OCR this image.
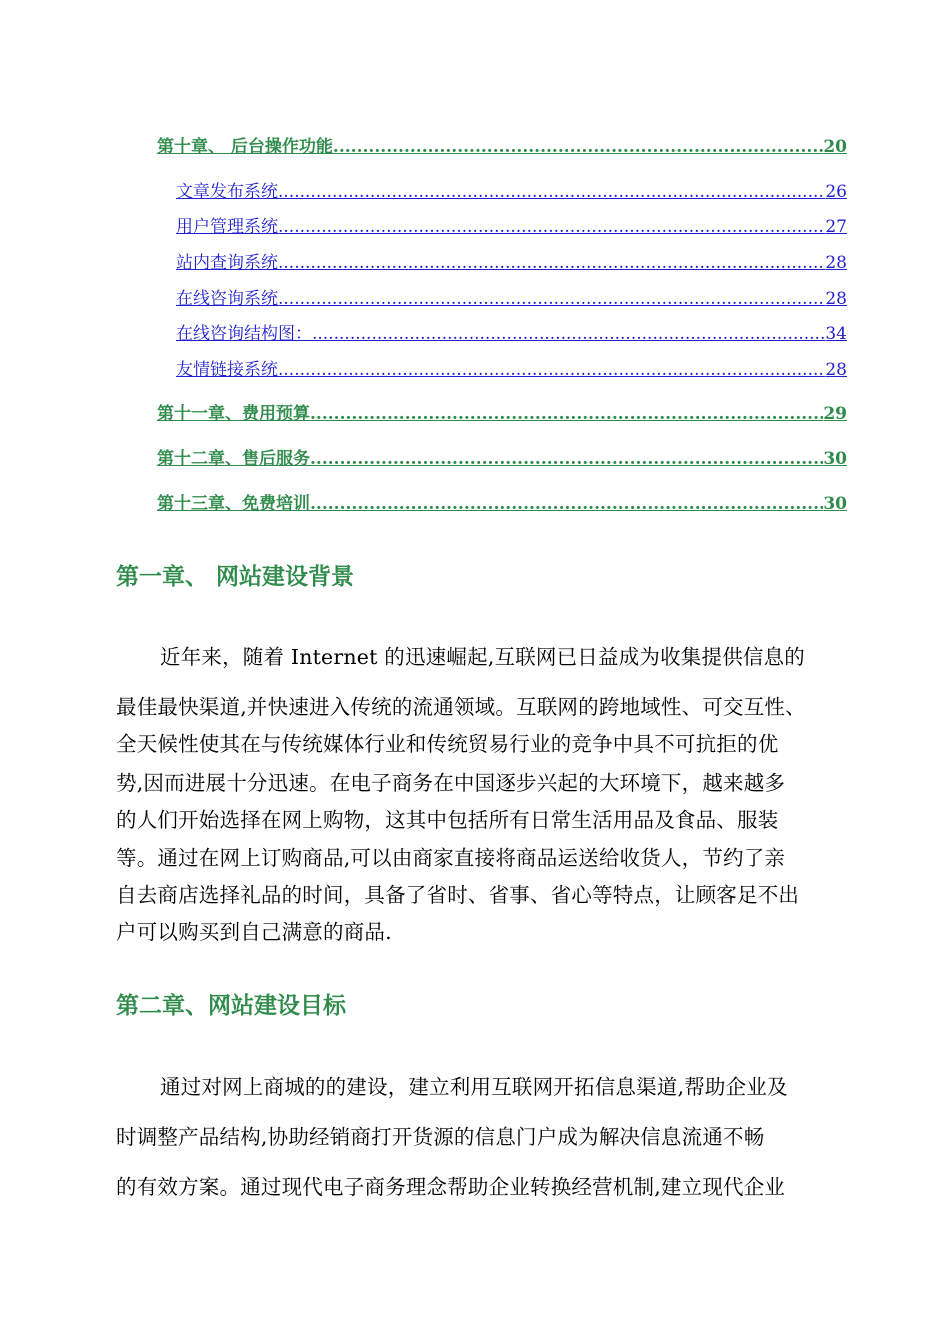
第十章、 后台操作功能 .....	20
文章发布系统 .....	26
用户管理系统 .....	27
站内查询系统 .....	28
在线咨询系统 .....	28
在线咨询结构图： .....	34
友情链接系统 .....	28
第十一章、费用预算 .....	29
第十二章、售后服务 .....	30
第十三章、免费培训 .....	30
第一章、 网站建设背景
近年来，随着 Internet 的迅速崛起,互联网已日益成为收集提供信息的
最佳最快渠道,并快速进入传统的流通领域。互联网的跨地域性、可交互性、
全天候性使其在与传统媒体行业和传统贸易行业的竞争中具不可抗拒的优
势,因而进展十分迅速。在电子商务在中国逐步兴起的大环境下，越来越多
的人们开始选择在网上购物，这其中包括所有日常生活用品及食品、服装
等。通过在网上订购商品,可以由商家直接将商品运送给收货人，节约了亲
自去商店选择礼品的时间，具备了省时、省事、省心等特点，让顾客足不出
户可以购买到自己满意的商品.
第二章、网站建设目标
通过对网上商城的的建设，建立利用互联网开拓信息渠道,帮助企业及
时调整产品结构,协助经销商打开货源的信息门户成为解决信息流通不畅
的有效方案。通过现代电子商务理念帮助企业转换经营机制,建立现代企业
